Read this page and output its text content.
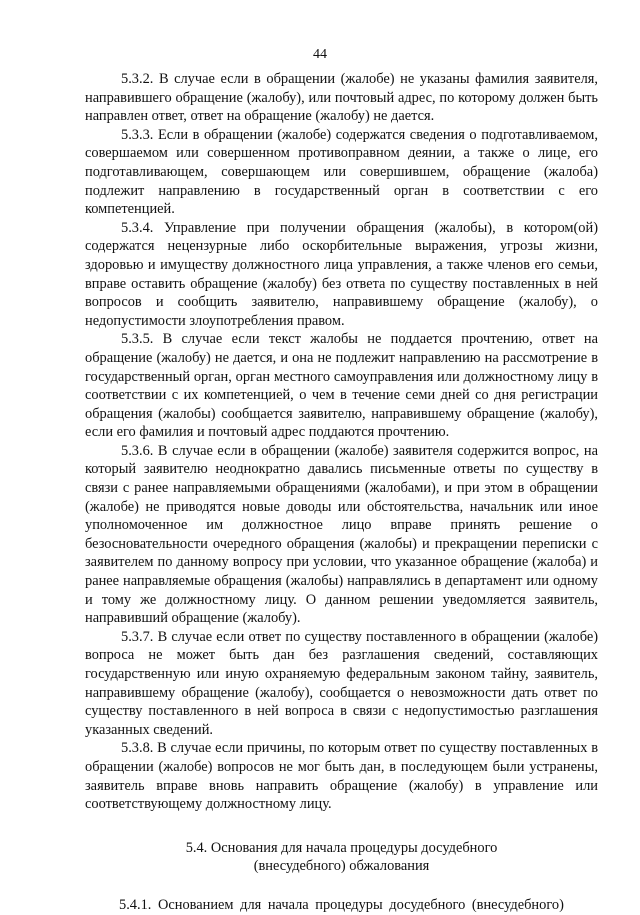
44

5.3.2. В случае если в обращении (жалобе) не указаны фамилия заявителя, направившего обращение (жалобу), или почтовый адрес, по которому должен быть направлен ответ, ответ на обращение (жалобу) не дается.

5.3.3. Если в обращении (жалобе) содержатся сведения о подготавливаемом, совершаемом или совершенном противоправном деянии, а также о лице, его подготавливающем, совершающем или совершившем, обращение (жалоба) подлежит направлению в государственный орган в соответствии с его компетенцией.

5.3.4. Управление при получении обращения (жалобы), в котором(ой) содержатся нецензурные либо оскорбительные выражения, угрозы жизни, здоровью и имуществу должностного лица управления, а также членов его семьи, вправе оставить обращение (жалобу) без ответа по существу поставленных в ней вопросов и сообщить заявителю, направившему обращение (жалобу), о недопустимости злоупотребления правом.

5.3.5. В случае если текст жалобы не поддается прочтению, ответ на обращение (жалобу) не дается, и она не подлежит направлению на рассмотрение в государственный орган, орган местного самоуправления или должностному лицу в соответствии с их компетенцией, о чем в течение семи дней со дня регистрации обращения (жалобы) сообщается заявителю, направившему обращение (жалобу), если его фамилия и почтовый адрес поддаются прочтению.

5.3.6. В случае если в обращении (жалобе) заявителя содержится вопрос, на который заявителю неоднократно давались письменные ответы по существу в связи с ранее направляемыми обращениями (жалобами), и при этом в обращении (жалобе) не приводятся новые доводы или обстоятельства, начальник или иное уполномоченное им должностное лицо вправе принять решение о безосновательности очередного обращения (жалобы) и прекращении переписки с заявителем по данному вопросу при условии, что указанное обращение (жалоба) и ранее направляемые обращения (жалобы) направлялись в департамент или одному и тому же должностному лицу. О данном решении уведомляется заявитель, направивший обращение (жалобу).

5.3.7. В случае если ответ по существу поставленного в обращении (жалобе) вопроса не может быть дан без разглашения сведений, составляющих государственную или иную охраняемую федеральным законом тайну, заявитель, направившему обращение (жалобу), сообщается о невозможности дать ответ по существу поставленного в ней вопроса в связи с недопустимостью разглашения указанных сведений.

5.3.8. В случае если причины, по которым ответ по существу поставленных в обращении (жалобе) вопросов не мог быть дан, в последующем были устранены, заявитель вправе вновь направить обращение (жалобу) в управление или соответствующему должностному лицу.

5.4. Основания для начала процедуры досудебного
(внесудебного) обжалования

5.4.1. Основанием для начала процедуры досудебного (внесудебного)
